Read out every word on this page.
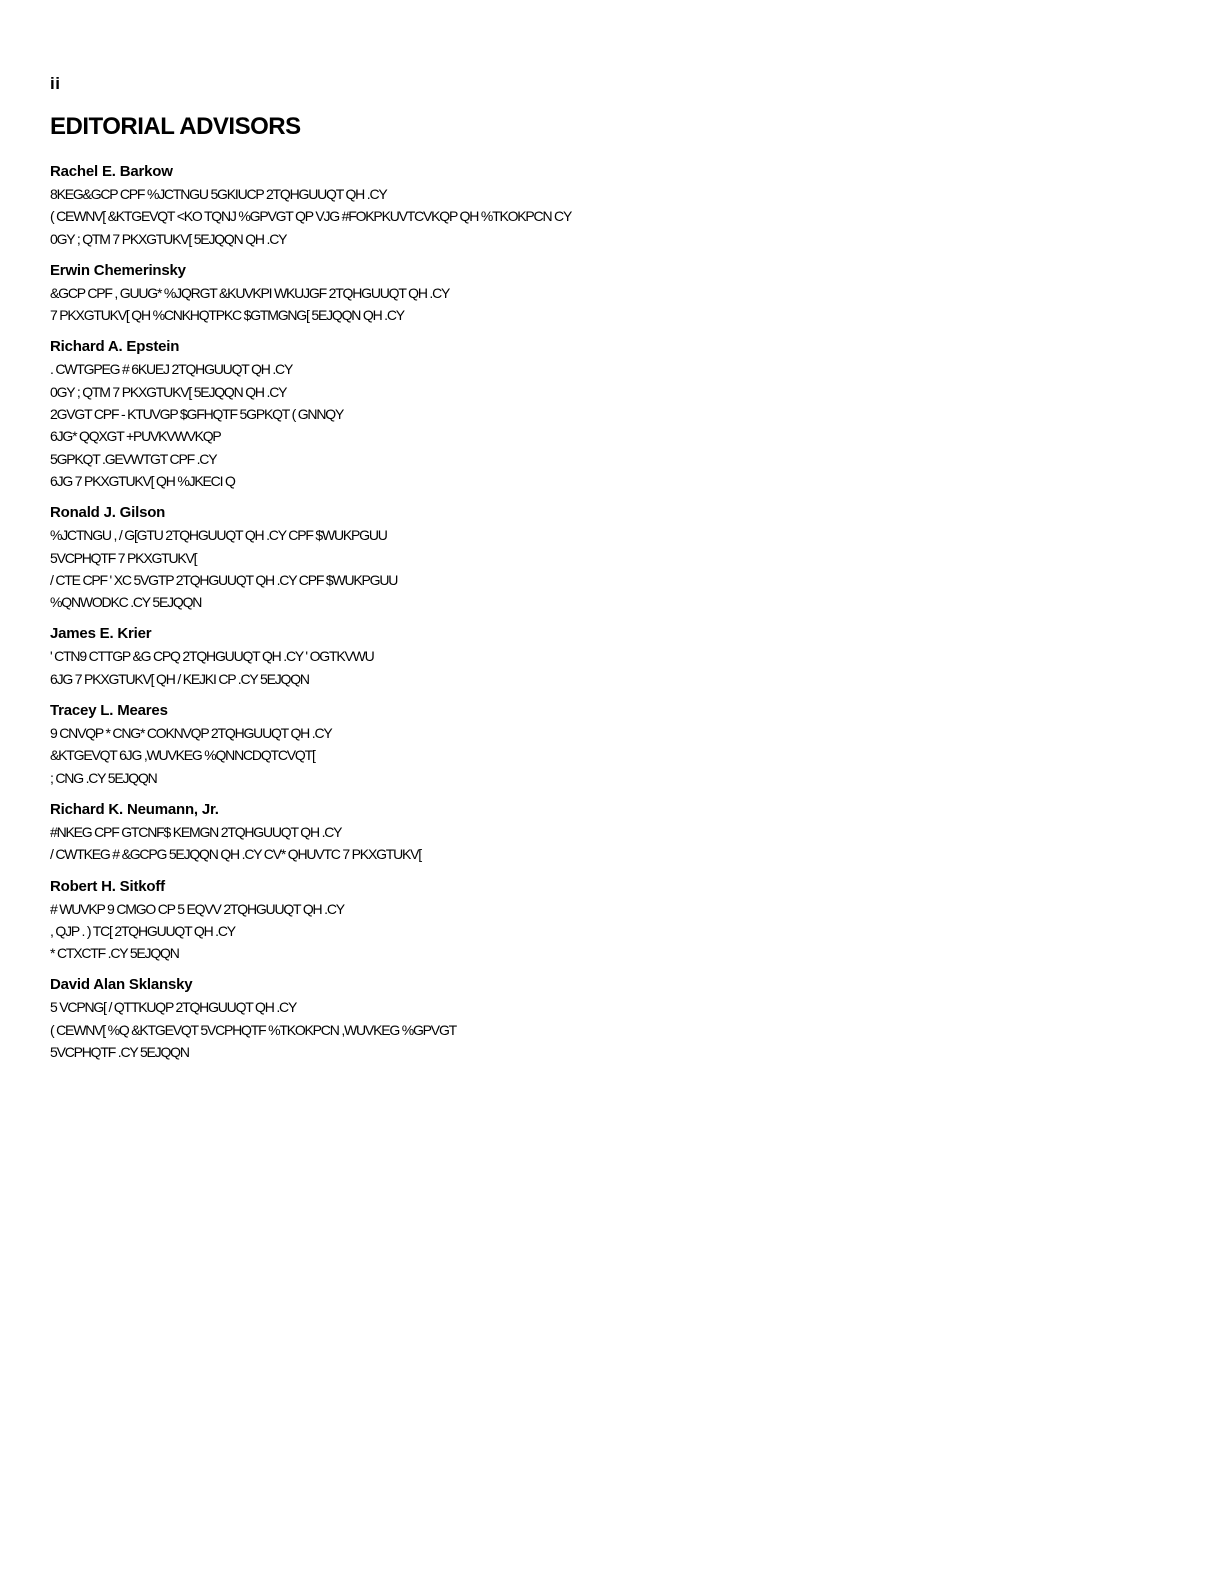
ii
EDITORIAL ADVISORS
Rachel E. Barkow
8KEG&GCP CPF %JCTNGU 5GKIUCP 2TQHGUUQT QH .CY
( CEWNV[ &KTGEVQT <KO TQNJ %GPVGT QP VJG #FOKPKUVTCVKQP QH %TKOKPCN CY
0GY ; QTM 7 PKXGTUKV[ 5EJQQN QH .CY
Erwin Chemerinsky
&GCP CPF , GUUG* %JQRGT &KUVKPI WKUJGF 2TQHGUUQT QH .CY
7 PKXGTUKV[ QH %CNKHQTPKC $GTMGNG[ 5EJQQN QH .CY
Richard A. Epstein
. CWTGPEG # 6KUEJ 2TQHGUUQT QH .CY
0GY ; QTM 7 PKXGTUKV[ 5EJQQN QH .CY
2GVGT CPF - KTUVGP $GFHQTF 5GPKQT ( GNNQY
6JG* QQXGT +PUVKVWVKQP
5GPKQT .GEVWTGT CPF .CY
6JG 7 PKXGTUKV[ QH %JKECI Q
Ronald J. Gilson
%JCTNGU , / G[GTU 2TQHGUUQT QH .CY CPF $WUKPGUU
5VCPHQTF 7 PKXGTUKV[
/ CTE CPF ' XC 5VGTP 2TQHGUUQT QH .CY CPF $WUKPGUU
%QNWODKC .CY 5EJQQN
James E. Krier
' CTN9 CTTGP &G CPQ 2TQHGUUQT QH .CY ' OGTKVWU
6JG 7 PKXGTUKV[ QH / KEJKI CP .CY 5EJQQN
Tracey L. Meares
9 CNVQP * CNG* COKNVQP 2TQHGUUQT QH .CY
&KTGEVQT 6JG ,WUVKEG %QNNCDQTCVQT[
; CNG .CY 5EJQQN
Richard K. Neumann, Jr.
#NKEG CPF GTCNF$ KEMGN 2TQHGUUQT QH .CY
/ CWTKEG # &GCPG 5EJQQN QH .CY CV* QHUVTC 7 PKXGTUKV[
Robert H. Sitkoff
# WUVKP 9 CMGO CP 5 EQVV 2TQHGUUQT QH .CY
, QJP . ) TC[ 2TQHGUUQT QH .CY
* CTXCTF .CY 5EJQQN
David Alan Sklansky
5 VCPNG[ / QTTKUQP 2TQHGUUQT QH .CY
( CEWNV[ %Q &KTGEVQT 5VCPHQTF %TKOKPCN ,WUVKEG %GPVGT
5VCPHQTF .CY 5EJQQN
